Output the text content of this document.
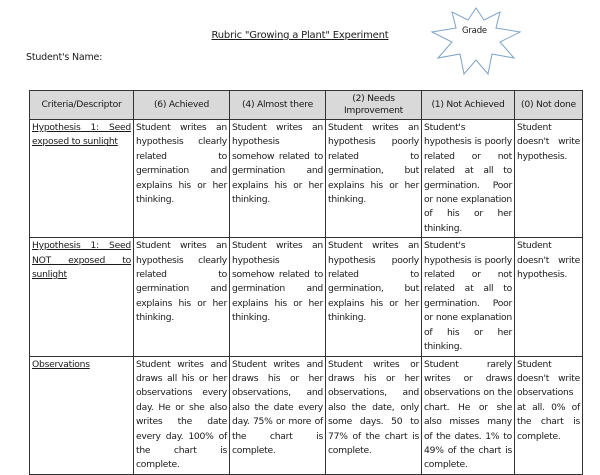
Rubric "Growing a Plant" Experiment
Student's Name:
Grade
Criteria/Descriptor	(6) Achieved	(4) Almost there	(2) Needs Improvement	(1) Not Achieved	(0) Not done
Hypothesis 1: Seed exposed to sunlight	Student writes an hypothesis clearly related to germination and explains his or her thinking.	Student writes an hypothesis somehow related to germination and explains his or her thinking.	Student writes an hypothesis poorly related to germination, but explains his or her thinking.	Student's hypothesis is poorly related or not related at all to germination. Poor or none explanation of his or her thinking.	Student doesn't write hypothesis.
Hypothesis 1: Seed NOT exposed to sunlight	Student writes an hypothesis clearly related to germination and explains his or her thinking.	Student writes an hypothesis somehow related to germination and explains his or her thinking.	Student writes an hypothesis poorly related to germination, but explains his or her thinking.	Student's hypothesis is poorly related or not related at all to germination. Poor or none explanation of his or her thinking.	Student doesn't write hypothesis.
Observations	Student writes and draws all his or her observations every day. He or she also writes the date every day. 100% of the chart is complete.	Student writes and draws his or her observations, and also the date every day. 75% or more of the chart is complete.	Student writes or draws his or her observations, and also the date, only some days. 50 to 77% of the chart is complete.	Student rarely writes or draws observations on the chart. He or she also misses many of the dates. 1% to 49% of the chart is complete.	Student doesn't write observations at all. 0% of the chart is complete.
